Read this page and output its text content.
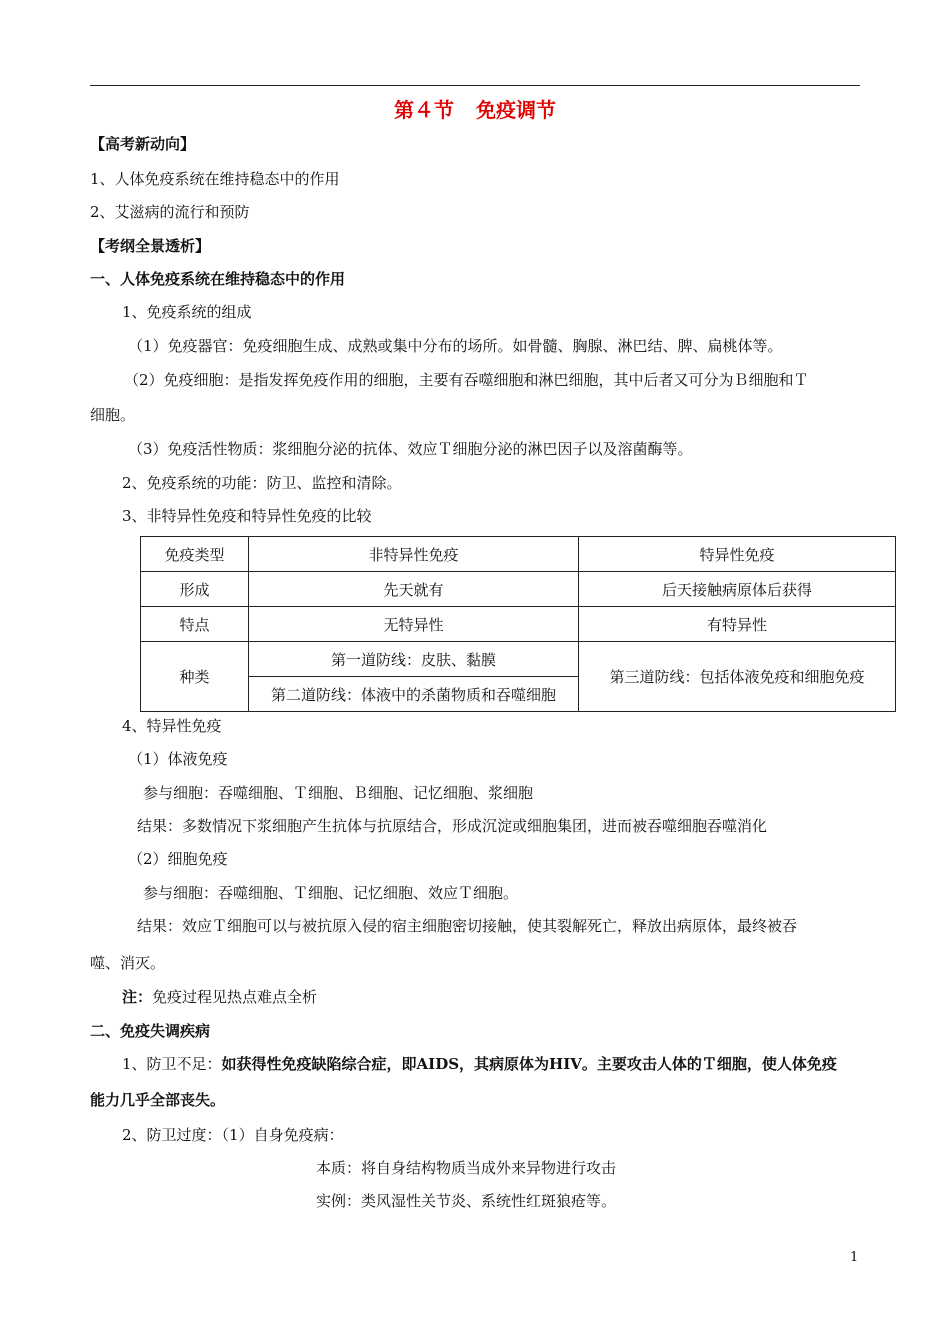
第４节 免疫调节
【高考新动向】
1、人体免疫系统在维持稳态中的作用
2、艾滋病的流行和预防
【考纲全景透析】
一、人体免疫系统在维持稳态中的作用
1、免疫系统的组成
（1）免疫器官：免疫细胞生成、成熟或集中分布的场所。如骨髓、胸腺、淋巴结、脾、扁桃体等。
（2）免疫细胞：是指发挥免疫作用的细胞，主要有吞噬细胞和淋巴细胞，其中后者又可分为Ｂ细胞和Ｔ
细胞。
（3）免疫活性物质：浆细胞分泌的抗体、效应Ｔ细胞分泌的淋巴因子以及溶菌酶等。
2、免疫系统的功能：防卫、监控和清除。
3、非特异性免疫和特异性免疫的比较
免疫类型	非特异性免疫	特异性免疫
形成	先天就有	后天接触病原体后获得
特点	无特异性	有特异性
种类	第一道防线：皮肤、黏膜	第三道防线：包括体液免疫和细胞免疫
	第二道防线：体液中的杀菌物质和吞噬细胞	
4、特异性免疫
（1）体液免疫
参与细胞：吞噬细胞、Ｔ细胞、Ｂ细胞、记忆细胞、浆细胞
结果：多数情况下浆细胞产生抗体与抗原结合，形成沉淀或细胞集团，进而被吞噬细胞吞噬消化
（2）细胞免疫
参与细胞：吞噬细胞、Ｔ细胞、记忆细胞、效应Ｔ细胞。
结果：效应Ｔ细胞可以与被抗原入侵的宿主细胞密切接触，使其裂解死亡，释放出病原体，最终被吞
噬、消灭。
注：免疫过程见热点难点全析
二、免疫失调疾病
1、防卫不足：如获得性免疫缺陷综合症，即AIDS，其病原体为HIV。主要攻击人体的Ｔ细胞，使人体免疫
能力几乎全部丧失。
2、防卫过度：（1）自身免疫病：
本质：将自身结构物质当成外来异物进行攻击
实例：类风湿性关节炎、系统性红斑狼疮等。
1
